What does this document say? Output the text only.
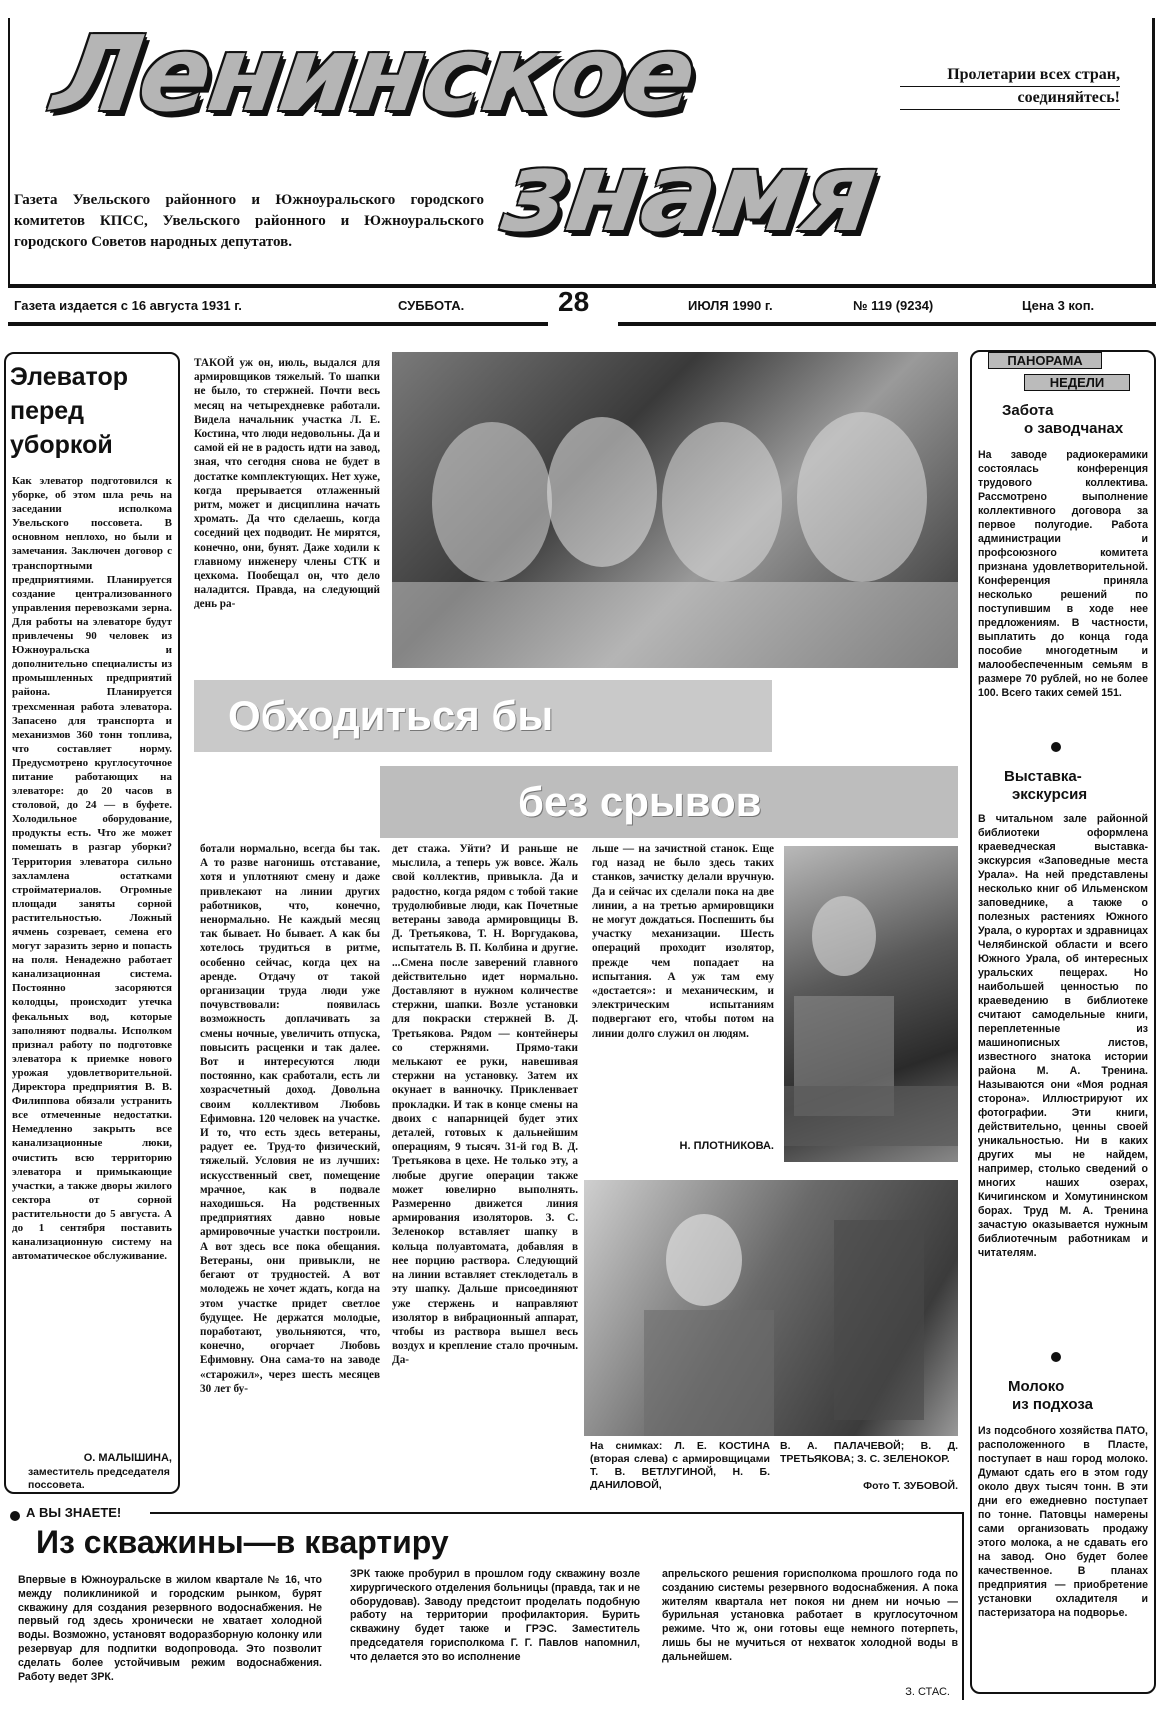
Ленинское
знамя
Пролетарии всех стран,
соединяйтесь!
Газета Увельского районного и Южноуральского городского комитетов КПСС, Увельского районного и Южноуральского городского Советов народных депутатов.
Газета издается с 16 августа 1931 г.	СУББОТА.	28	ИЮЛЯ 1990 г.	№ 119 (9234)	Цена 3 коп.
Элеватор
перед
уборкой
Как элеватор подготовился к уборке, об этом шла речь на заседании исполкома Увельского поссовета. В основном неплохо, но были и замечания. Заключен договор с транспортными предприятиями. Планируется создание централизованного управления перевозками зерна. Для работы на элеваторе будут привлечены 90 человек из Южноуральска и дополнительно специалисты из промышленных предприятий района. Планируется трехсменная работа элеватора. Запасено для транспорта и механизмов 360 тонн топлива, что составляет норму. Предусмотрено круглосуточное питание работающих на элеваторе: до 20 часов в столовой, до 24 — в буфете. Холодильное оборудование, продукты есть. Что же может помешать в разгар уборки? Территория элеватора сильно захламлена остатками стройматериалов. Огромные площади заняты сорной растительностью. Ложный ячмень созревает, семена его могут заразить зерно и попасть на поля. Ненадежно работает канализационная система. Постоянно засоряются колодцы, происходит утечка фекальных вод, которые заполняют подвалы. Исполком признал работу по подготовке элеватора к приемке нового урожая удовлетворительной. Директора предприятия В. В. Филиппова обязали устранить все отмеченные недостатки. Немедленно закрыть все канализационные люки, очистить всю территорию элеватора и примыкающие участки, а также дворы жилого сектора от сорной растительности до 5 августа. А до 1 сентября поставить канализационную систему на автоматическое обслуживание.
О. МАЛЫШИНА,
заместитель председателя поссовета.
ТАКОЙ уж он, июль, выдался для армировщиков тяжелый. То шапки не было, то стержней. Почти весь месяц на четырехдневке работали. Видела начальник участка Л. Е. Костина, что люди недовольны. Да и самой ей не в радость идти на завод, зная, что сегодня снова не будет в достатке комплектующих. Нет хуже, когда прерывается отлаженный ритм, может и дисциплина начать хромать. Да что сделаешь, когда соседний цех подводит. Не мирятся, конечно, они, бунят. Даже ходили к главному инженеру члены СТК и цехкома. Пообещал он, что дело наладится. Правда, на следующий день ра-
Обходиться бы
без срывов
ботали нормально, всегда бы так. А то разве нагонишь отставание, хотя и уплотняют смену и даже привлекают на линии других работников, что, конечно, ненормально. Не каждый месяц так бывает. Но бывает. А как бы хотелось трудиться в ритме, особенно сейчас, когда цех на аренде. Отдачу от такой организации труда люди уже почувствовали: появилась возможность доплачивать за смены ночные, увеличить отпуска, повысить расценки и так далее. Вот и интересуются люди постоянно, как сработали, есть ли хозрасчетный доход. Довольна своим коллективом Любовь Ефимовна. 120 человек на участке. И то, что есть здесь ветераны, радует ее. Труд-то физический, тяжелый. Условия не из лучших: искусственный свет, помещение мрачное, как в подвале находишься. На родственных предприятиях давно новые армировочные участки построили. А вот здесь все пока обещания. Ветераны, они привыкли, не бегают от трудностей. А вот молодежь не хочет ждать, когда на этом участке придет светлое будущее. Не держатся молодые, поработают, увольняются, что, конечно, огорчает Любовь Ефимовну. Она сама-то на заводе «старожил», через шесть месяцев 30 лет бу-
дет стажа. Уйти? И раньше не мыслила, а теперь уж вовсе. Жаль свой коллектив, привыкла. Да и радостно, когда рядом с тобой такие трудолюбивые люди, как Почетные ветераны завода армировщицы В. Д. Третьякова, Т. Н. Воргудакова, испытатель В. П. Колбина и другие. ...Смена после заверений главного действительно идет нормально. Доставляют в нужном количестве стержни, шапки. Возле установки для покраски стержней В. Д. Третьякова. Рядом — контейнеры со стержнями. Прямо-таки мелькают ее руки, навешивая стержни на установку. Затем их окунает в ванночку. Прикленвает прокладки. И так в конце смены на двоих с напарницей будет этих деталей, готовых к дальнейшим операциям, 9 тысяч. 31-й год В. Д. Третьякова в цехе. Не только эту, а любые другие операции также может ювелирно выполнять. Размеренно движется линия армирования изоляторов. З. С. Зеленокор вставляет шапку в кольца полуавтомата, добавляя в нее порцию раствора. Следующий на линии вставляет стеклодеталь в эту шапку. Дальше присоединяют уже стержень и направляют изолятор в вибрационный аппарат, чтобы из раствора вышел весь воздух и крепление стало прочным. Да-
льше — на зачистной станок. Еще год назад не было здесь таких станков, зачистку делали вручную. Да и сейчас их сделали пока на две линии, а на третью армировщики не могут дождаться. Поспешить бы участку механизации. Шесть операций проходит изолятор, прежде чем попадает на испытания. А уж там ему «достается»: и механическим, и электрическим испытаниям подвергают его, чтобы потом на линии долго служил он людям.
Н. ПЛОТНИКОВА.
На снимках: Л. Е. КОСТИНА (вторая слева) с армировщицами Т. В. ВЕТЛУГИНОЙ, Н. Б. ДАНИЛОВОЙ,
В. А. ПАЛАЧЕВОЙ; В. Д. ТРЕТЬЯКОВА; З. С. ЗЕЛЕНОКОР.
Фото Т. ЗУБОВОЙ.
ПАНОРАМА
НЕДЕЛИ
Забота
о заводчанах
На заводе радиокерамики состоялась конференция трудового коллектива. Рассмотрено выполнение коллективного договора за первое полугодие. Работа администрации и профсоюзного комитета признана удовлетворительной. Конференция приняла несколько решений по поступившим в ходе нее предложениям. В частности, выплатить до конца года пособие многодетным и малообеспеченным семьям в размере 70 рублей, но не более 100. Всего таких семей 151.
Выставка-
экскурсия
В читальном зале районной библиотеки оформлена краеведческая выставка-экскурсия «Заповедные места Урала». На ней представлены несколько книг об Ильменском заповеднике, а также о полезных растениях Южного Урала, о курортах и здравницах Челябинской области и всего Южного Урала, об интересных уральских пещерах. Но наибольшей ценностью по краеведению в библиотеке считают самодельные книги, переплетенные из машинописных листов, известного знатока истории района М. А. Тренина. Называются они «Моя родная сторона». Иллюстрируют их фотографии. Эти книги, действительно, ценны своей уникальностью. Ни в каких других мы не найдем, например, столько сведений о многих наших озерах, Кичигинском и Хомутининском борах. Труд М. А. Тренина зачастую оказывается нужным библиотечным работникам и читателям.
Молоко
из подхоза
Из подсобного хозяйства ПАТО, расположенного в Пласте, поступает в наш город молоко. Думают сдать его в этом году около двух тысяч тонн. В эти дни его ежедневно поступает по тонне. Патовцы намерены сами организовать продажу этого молока, а не сдавать его на завод. Оно будет более качественное. В планах предприятия — приобретение установки охладителя и пастеризатора на подворье.
А ВЫ ЗНАЕТЕ!
Из скважины—в квартиру
Впервые в Южноуральске в жилом квартале № 16, что между поликлиникой и городским рынком, бурят скважину для создания резервного водоснабжения. Не первый год здесь хронически не хватает холодной воды. Возможно, установят водоразборную колонку или резервуар для подпитки водопровода. Это позволит сделать более устойчивым режим водоснабжения. Работу ведет ЗРК.
ЗРК также пробурил в прошлом году скважину возле хирургического отделения больницы (правда, так и не оборудовав). Заводу предстоит проделать подобную работу на территории профилактория. Бурить скважину будет также и ГРЭС. Заместитель председателя горисполкома Г. Г. Павлов напомнил, что делается это во исполнение
апрельского решения горисполкома прошлого года по созданию системы резервного водоснабжения. А пока жителям квартала нет покоя ни днем ни ночью — бурильная установка работает в круглосуточном режиме. Что ж, они готовы еще немного потерпеть, лишь бы не мучиться от нехваток холодной воды в дальнейшем.
З. СТАС.
